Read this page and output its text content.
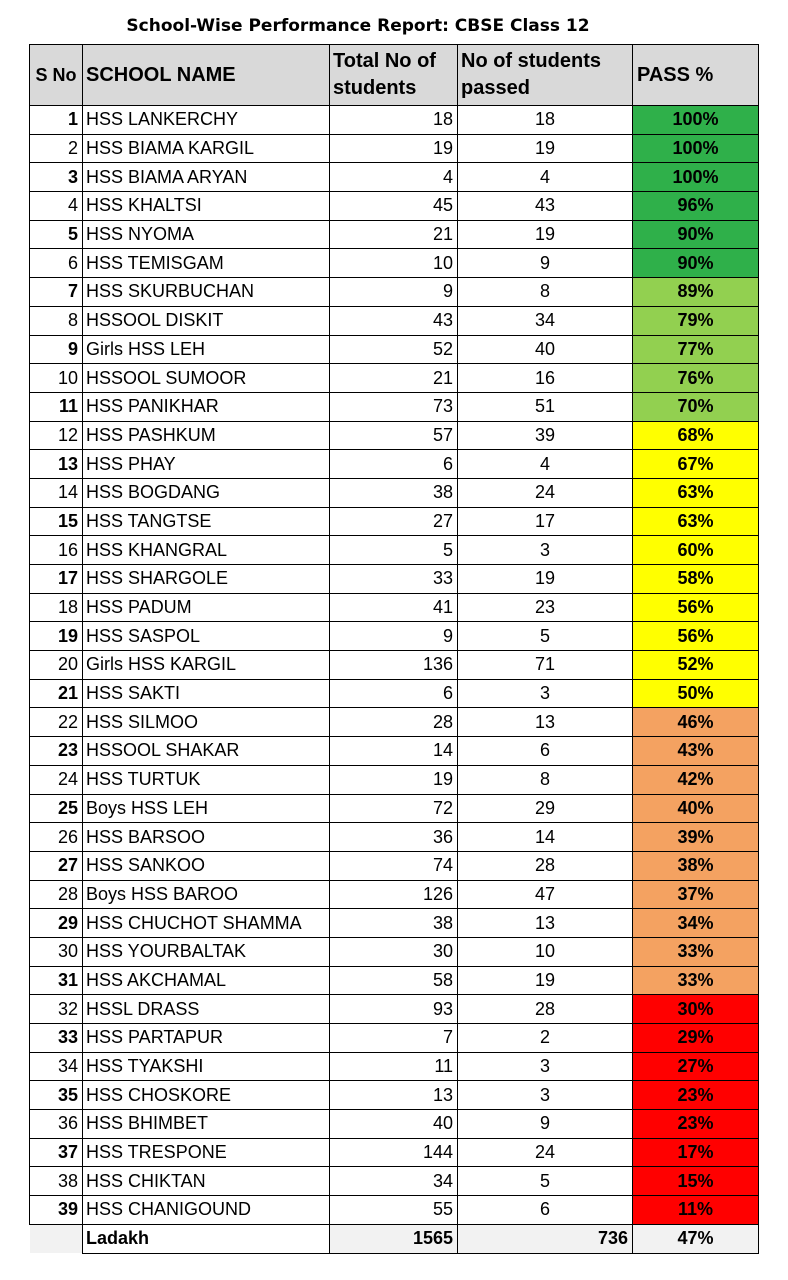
School-Wise Performance Report: CBSE Class 12
S No	SCHOOL NAME	Total No of students	No of students passed	PASS %
1	HSS LANKERCHY	18	18	100%
2	HSS BIAMA KARGIL	19	19	100%
3	HSS BIAMA ARYAN	4	4	100%
4	HSS KHALTSI	45	43	96%
5	HSS NYOMA	21	19	90%
6	HSS TEMISGAM	10	9	90%
7	HSS SKURBUCHAN	9	8	89%
8	HSSOOL DISKIT	43	34	79%
9	Girls HSS LEH	52	40	77%
10	HSSOOL SUMOOR	21	16	76%
11	HSS PANIKHAR	73	51	70%
12	HSS PASHKUM	57	39	68%
13	HSS PHAY	6	4	67%
14	HSS BOGDANG	38	24	63%
15	HSS TANGTSE	27	17	63%
16	HSS KHANGRAL	5	3	60%
17	HSS SHARGOLE	33	19	58%
18	HSS PADUM	41	23	56%
19	HSS SASPOL	9	5	56%
20	Girls HSS KARGIL	136	71	52%
21	HSS SAKTI	6	3	50%
22	HSS SILMOO	28	13	46%
23	HSSOOL SHAKAR	14	6	43%
24	HSS TURTUK	19	8	42%
25	Boys HSS LEH	72	29	40%
26	HSS BARSOO	36	14	39%
27	HSS SANKOO	74	28	38%
28	Boys HSS BAROO	126	47	37%
29	HSS CHUCHOT SHAMMA	38	13	34%
30	HSS YOURBALTAK	30	10	33%
31	HSS AKCHAMAL	58	19	33%
32	HSSL DRASS	93	28	30%
33	HSS PARTAPUR	7	2	29%
34	HSS TYAKSHI	11	3	27%
35	HSS CHOSKORE	13	3	23%
36	HSS BHIMBET	40	9	23%
37	HSS TRESPONE	144	24	17%
38	HSS CHIKTAN	34	5	15%
39	HSS CHANIGOUND	55	6	11%
	Ladakh	1565	736	47%
